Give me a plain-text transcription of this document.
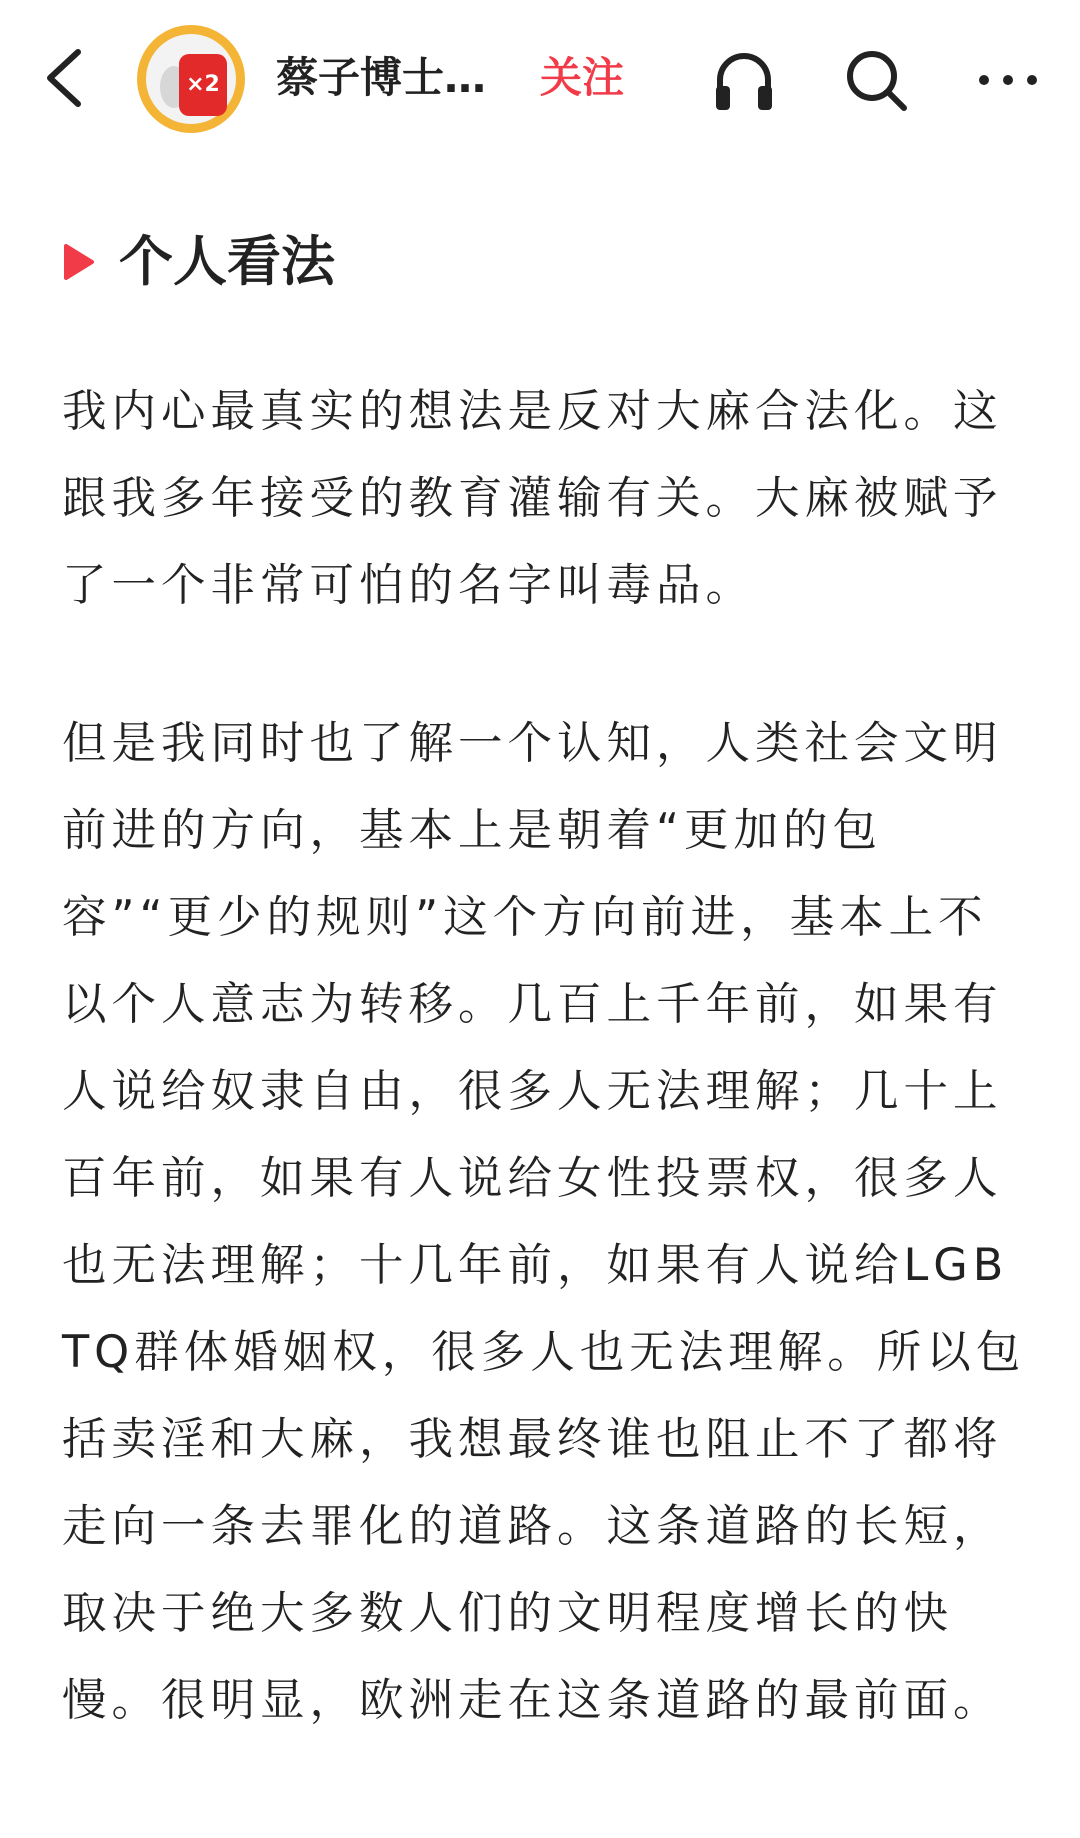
×2 蔡子博士… 关注
个人看法

我内心最真实的想法是反对大麻合法化。这跟我多年接受的教育灌输有关。大麻被赋予了一个非常可怕的名字叫毒品。

但是我同时也了解一个认知，人类社会文明前进的方向，基本上是朝着“更加的包容”“更少的规则”这个方向前进，基本上不以个人意志为转移。几百上千年前，如果有人说给奴隶自由，很多人无法理解；几十上百年前，如果有人说给女性投票权，很多人也无法理解；十几年前，如果有人说给LGBTQ群体婚姻权，很多人也无法理解。所以包括卖淫和大麻，我想最终谁也阻止不了都将走向一条去罪化的道路。这条道路的长短，取决于绝大多数人们的文明程度增长的快慢。很明显，欧洲走在这条道路的最前面。
